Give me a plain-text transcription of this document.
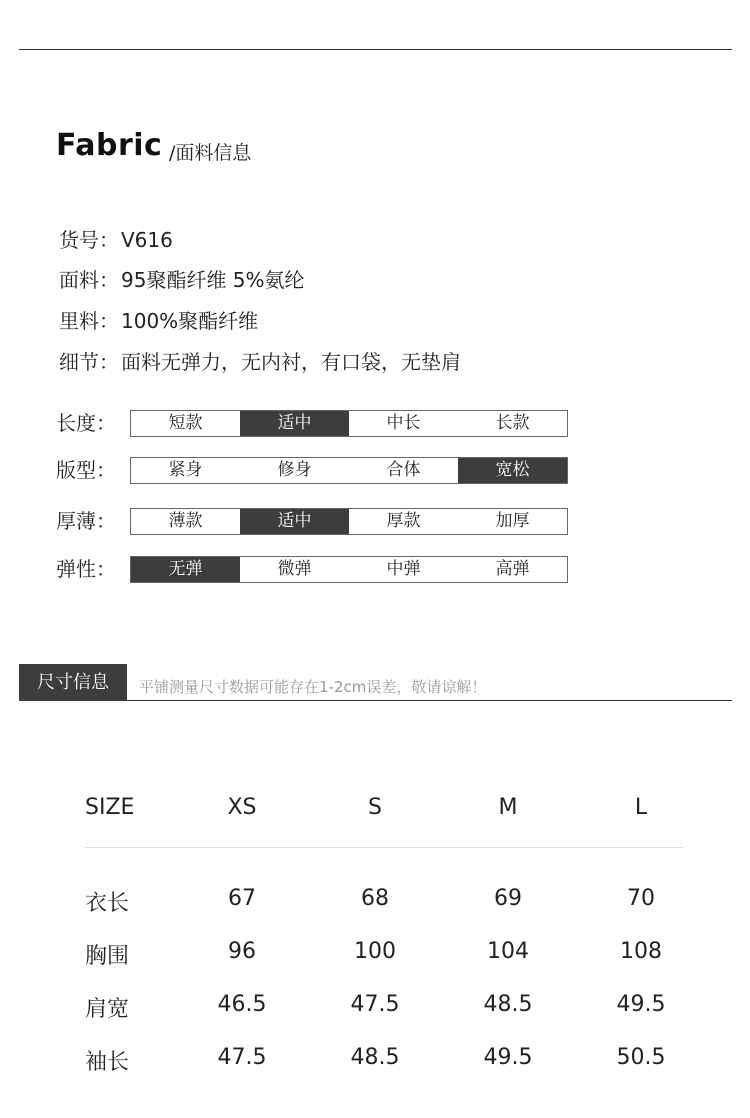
Fabric /面料信息
货号： V616
面料： 95聚酯纤维 5%氨纶
里料： 100%聚酯纤维
细节： 面料无弹力，无内衬，有口袋，无垫肩
长度：	短款	适中	中长	长款
版型：	紧身	修身	合体	宽松
厚薄：	薄款	适中	厚款	加厚
弹性：	无弹	微弹	中弹	高弹
尺寸信息	平铺测量尺寸数据可能存在1-2cm误差，敬请谅解！
SIZE	XS	S	M	L
衣长	67	68	69	70
胸围	96	100	104	108
肩宽	46.5	47.5	48.5	49.5
袖长	47.5	48.5	49.5	50.5
